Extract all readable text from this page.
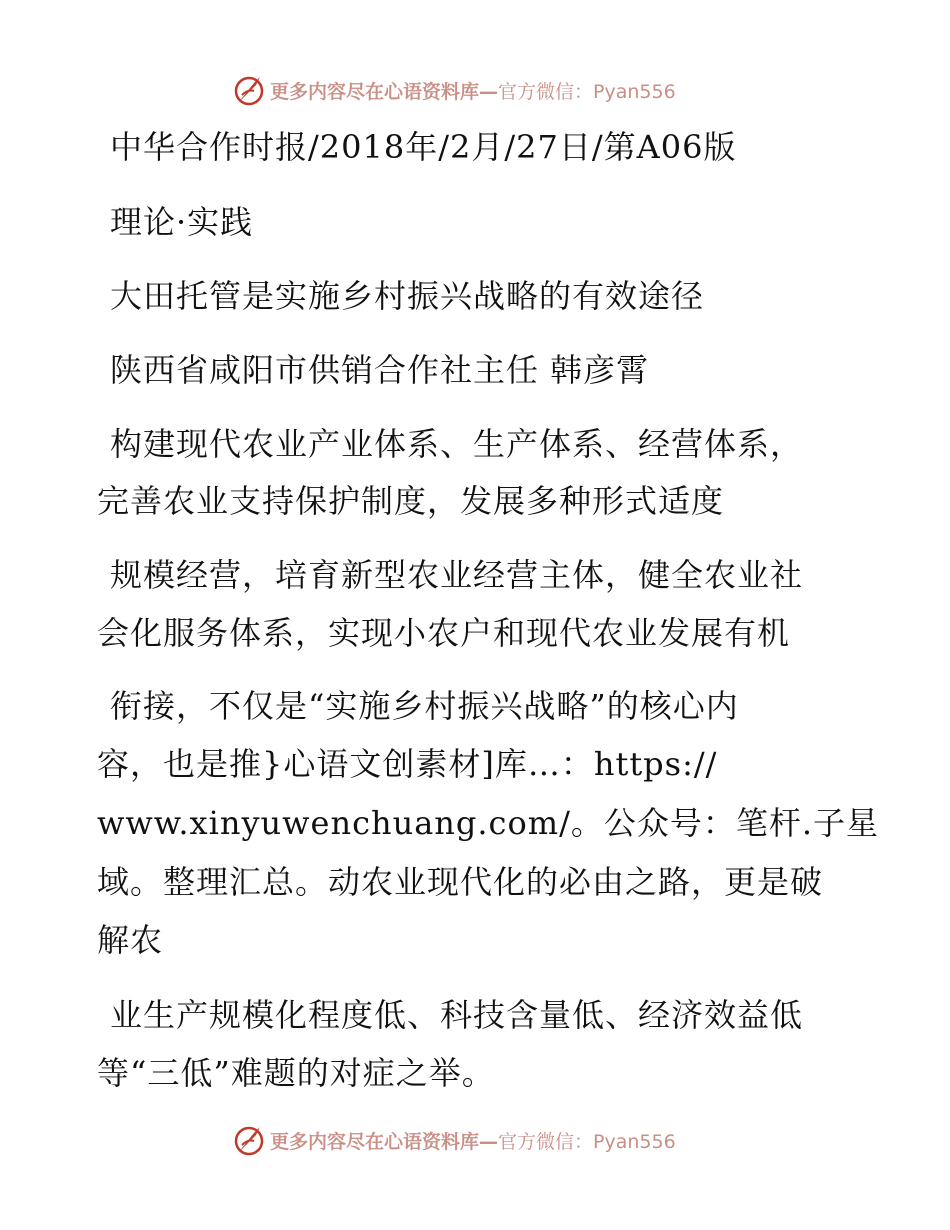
更多内容尽在心语资料库— 官方微信：Pyan556
中华合作时报/2018年/2月/27日/第A06版
理论·实践
大田托管是实施乡村振兴战略的有效途径
陕西省咸阳市供销合作社主任 韩彦霄
构建现代农业产业体系、生产体系、经营体系，
完善农业支持保护制度，发展多种形式适度
规模经营，培育新型农业经营主体，健全农业社
会化服务体系，实现小农户和现代农业发展有机
衔接，不仅是“实施乡村振兴战略”的核心内
容，也是推}心语文创素材]库…：https://
www.xinyuwenchuang.com/。公众号：笔杆.子星
域。整理汇总。动农业现代化的必由之路，更是破
解农
业生产规模化程度低、科技含量低、经济效益低
等“三低”难题的对症之举。
更多内容尽在心语资料库— 官方微信：Pyan556
